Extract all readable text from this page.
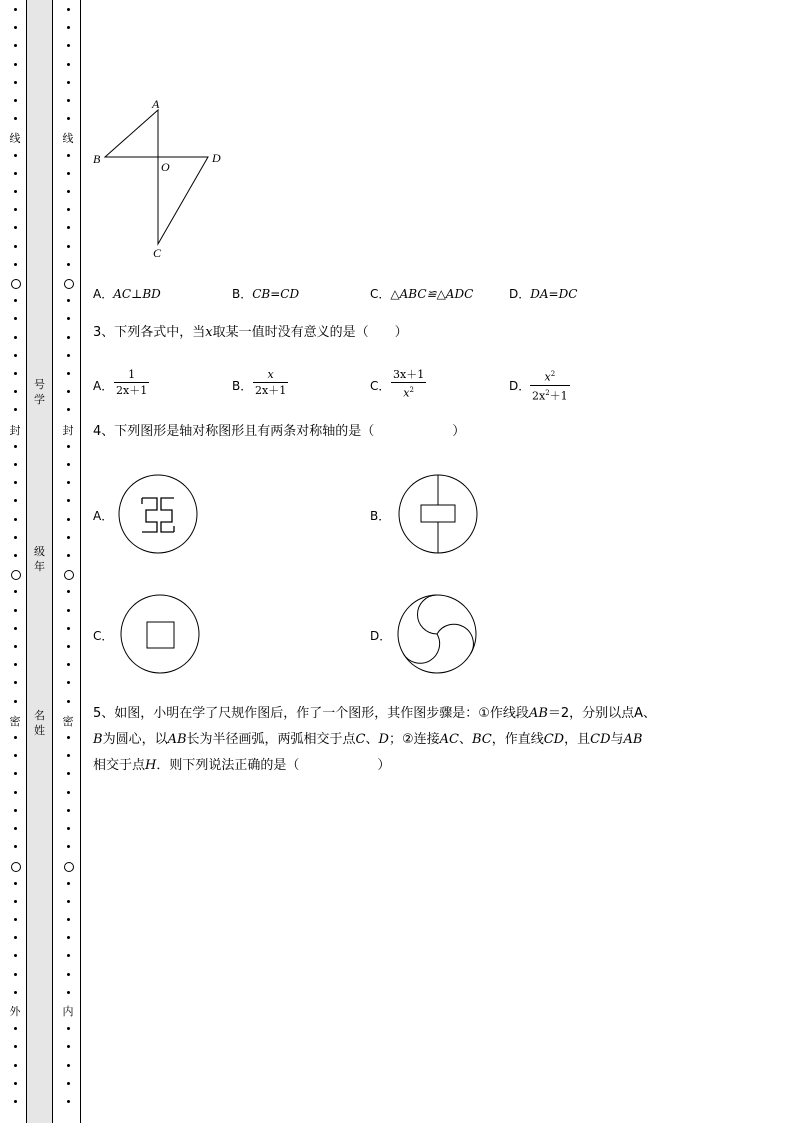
线
封
密
外
线
封
密
内
号学
级年
名姓
A
B	D
O
C
A．AC⊥BD	B．CB=CD	C．△ABC≌△ADC	D．DA=DC
3、下列各式中，当x取某一值时没有意义的是（　　）
A． $\frac{1}{2x+1}$	B． $\frac{x}{2x+1}$	C． $\frac{3x+1}{x^2}$	D． $\frac{x^2}{2x^2+1}$
4、下列图形是轴对称图形且有两条对称轴的是（　　　　　　）
A．	B．
C．	D．
5、如图，小明在学了尺规作图后，作了一个图形，其作图步骤是：①作线段AB＝2，分别以点A、
B为圆心，以AB长为半径画弧，两弧相交于点C、D；②连接AC、BC，作直线CD，且CD与AB
相交于点H．则下列说法正确的是（　　　　　　）
